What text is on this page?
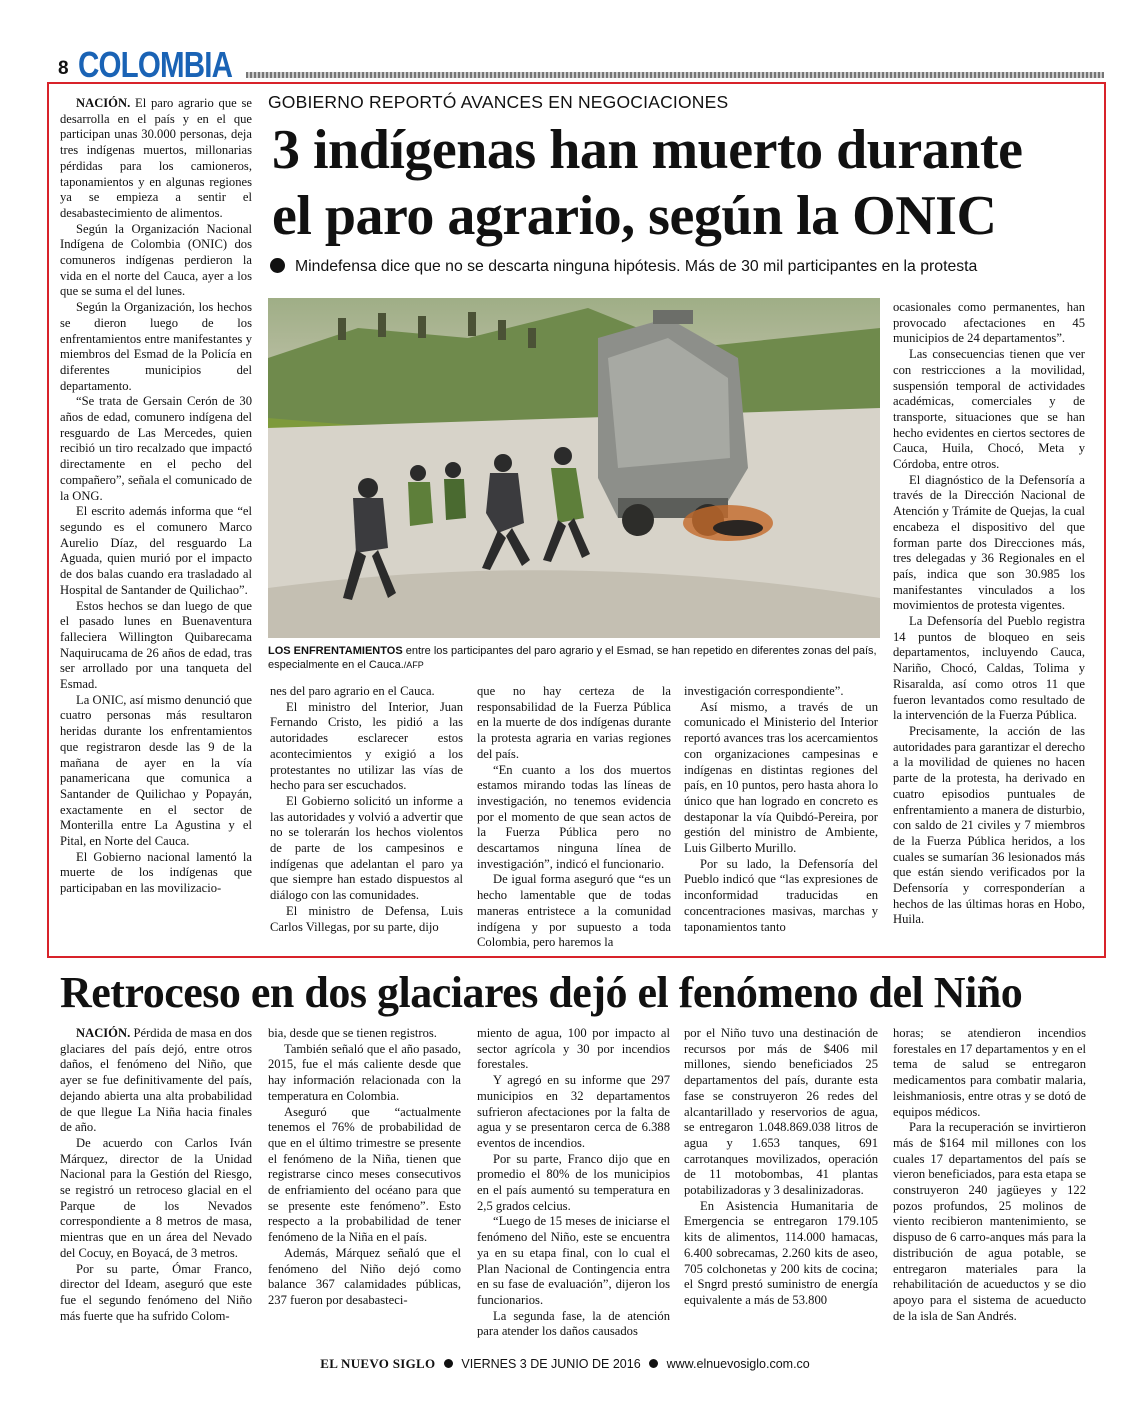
8 COLOMBIA
GOBIERNO REPORTÓ AVANCES EN NEGOCIACIONES
3 indígenas han muerto durante
el paro agrario, según la ONIC
Mindefensa dice que no se descarta ninguna hipótesis. Más de 30 mil participantes en la protesta
LOS ENFRENTAMIENTOS entre los participantes del paro agrario y el Esmad, se han repetido en diferentes zonas del país, especialmente en el Cauca./AFP

NACIÓN. El paro agrario que se desarrolla en el país y en el que participan unas 30.000 personas, deja tres indígenas muertos, millonarias pérdidas para los camioneros, taponamientos y en algunas regiones ya se empieza a sentir el desabastecimiento de alimentos.

Según la Organización Nacional Indígena de Colombia (ONIC) dos comuneros indígenas perdieron la vida en el norte del Cauca, ayer a los que se suma el del lunes.

Según la Organización, los hechos se dieron luego de los enfrentamientos entre manifestantes y miembros del Esmad de la Policía en diferentes municipios del departamento.

“Se trata de Gersain Cerón de 30 años de edad, comunero indígena del resguardo de Las Mercedes, quien recibió un tiro recalzado que impactó directamente en el pecho del compañero”, señala el comunicado de la ONG.

El escrito además informa que “el segundo es el comunero Marco Aurelio Díaz, del resguardo La Aguada, quien murió por el impacto de dos balas cuando era trasladado al Hospital de Santander de Quilichao”.

Estos hechos se dan luego de que el pasado lunes en Buenaventura falleciera Willington Quibarecama Naquirucama de 26 años de edad, tras ser arrollado por una tanqueta del Esmad.

La ONIC, así mismo denunció que cuatro personas más resultaron heridas durante los enfrentamientos que registraron desde las 9 de la mañana de ayer en la vía panamericana que comunica a Santander de Quilichao y Popayán, exactamente en el sector de Monterilla entre La Agustina y el Pital, en Norte del Cauca.

El Gobierno nacional lamentó la muerte de los indígenas que participaban en las movilizacio-

nes del paro agrario en el Cauca.

El ministro del Interior, Juan Fernando Cristo, les pidió a las autoridades esclarecer estos acontecimientos y exigió a los protestantes no utilizar las vías de hecho para ser escuchados.

El Gobierno solicitó un informe a las autoridades y volvió a advertir que no se tolerarán los hechos violentos de parte de los campesinos e indígenas que adelantan el paro ya que siempre han estado dispuestos al diálogo con las comunidades.

El ministro de Defensa, Luis Carlos Villegas, por su parte, dijo

que no hay certeza de la responsabilidad de la Fuerza Pública en la muerte de dos indígenas durante la protesta agraria en varias regiones del país.

“En cuanto a los dos muertos estamos mirando todas las líneas de investigación, no tenemos evidencia por el momento de que sean actos de la Fuerza Pública pero no descartamos ninguna línea de investigación”, indicó el funcionario.

De igual forma aseguró que “es un hecho lamentable que de todas maneras entristece a la comunidad indígena y por supuesto a toda Colombia, pero haremos la

investigación correspondiente”.

Así mismo, a través de un comunicado el Ministerio del Interior reportó avances tras los acercamientos con organizaciones campesinas e indígenas en distintas regiones del país, en 10 puntos, pero hasta ahora lo único que han logrado en concreto es destaponar la vía Quibdó-Pereira, por gestión del ministro de Ambiente, Luis Gilberto Murillo.

Por su lado, la Defensoría del Pueblo indicó que “las expresiones de inconformidad traducidas en concentraciones masivas, marchas y taponamientos tanto

ocasionales como permanentes, han provocado afectaciones en 45 municipios de 24 departamentos”.

Las consecuencias tienen que ver con restricciones a la movilidad, suspensión temporal de actividades académicas, comerciales y de transporte, situaciones que se han hecho evidentes en ciertos sectores de Cauca, Huila, Chocó, Meta y Córdoba, entre otros.

El diagnóstico de la Defensoría a través de la Dirección Nacional de Atención y Trámite de Quejas, la cual encabeza el dispositivo del que forman parte dos Direcciones más, tres delegadas y 36 Regionales en el país, indica que son 30.985 los manifestantes vinculados a los movimientos de protesta vigentes.

La Defensoría del Pueblo registra 14 puntos de bloqueo en seis departamentos, incluyendo Cauca, Nariño, Chocó, Caldas, Tolima y Risaralda, así como otros 11 que fueron levantados como resultado de la intervención de la Fuerza Pública.

Precisamente, la acción de las autoridades para garantizar el derecho a la movilidad de quienes no hacen parte de la protesta, ha derivado en cuatro episodios puntuales de enfrentamiento a manera de disturbio, con saldo de 21 civiles y 7 miembros de la Fuerza Pública heridos, a los cuales se sumarían 36 lesionados más que están siendo verificados por la Defensoría y corresponderían a hechos de las últimas horas en Hobo, Huila.

Retroceso en dos glaciares dejó el fenómeno del Niño

NACIÓN. Pérdida de masa en dos glaciares del país dejó, entre otros daños, el fenómeno del Niño, que ayer se fue definitivamente del país, dejando abierta una alta probabilidad de que llegue La Niña hacia finales de año.

De acuerdo con Carlos Iván Márquez, director de la Unidad Nacional para la Gestión del Riesgo, se registró un retroceso glacial en el Parque de los Nevados correspondiente a 8 metros de masa, mientras que en un área del Nevado del Cocuy, en Boyacá, de 3 metros.

Por su parte, Ómar Franco, director del Ideam, aseguró que este fue el segundo fenómeno del Niño más fuerte que ha sufrido Colom-

bia, desde que se tienen registros.

También señaló que el año pasado, 2015, fue el más caliente desde que hay información relacionada con la temperatura en Colombia.

Aseguró que “actualmente tenemos el 76% de probabilidad de que en el último trimestre se presente el fenómeno de la Niña, tienen que registrarse cinco meses consecutivos de enfriamiento del océano para que se presente este fenómeno”. Esto respecto a la probabilidad de tener fenómeno de la Niña en el país.

Además, Márquez señaló que el fenómeno del Niño dejó como balance 367 calamidades públicas, 237 fueron por desabasteci-

miento de agua, 100 por impacto al sector agrícola y 30 por incendios forestales.

Y agregó en su informe que 297 municipios en 32 departamentos sufrieron afectaciones por la falta de agua y se presentaron cerca de 6.388 eventos de incendios.

Por su parte, Franco dijo que en promedio el 80% de los municipios en el país aumentó su temperatura en 2,5 grados celcius.

“Luego de 15 meses de iniciarse el fenómeno del Niño, este se encuentra ya en su etapa final, con lo cual el Plan Nacional de Contingencia entra en su fase de evaluación”, dijeron los funcionarios.

La segunda fase, la de atención para atender los daños causados

por el Niño tuvo una destinación de recursos por más de $406 mil millones, siendo beneficiados 25 departamentos del país, durante esta fase se construyeron 26 redes del alcantarillado y reservorios de agua, se entregaron 1.048.869.038 litros de agua y 1.653 tanques, 691 carrotanques movilizados, operación de 11 motobombas, 41 plantas potabilizadoras y 3 desalinizadoras.

En Asistencia Humanitaria de Emergencia se entregaron 179.105 kits de alimentos, 114.000 hamacas, 6.400 sobrecamas, 2.260 kits de aseo, 705 colchonetas y 200 kits de cocina; el Sngrd prestó suministro de energía equivalente a más de 53.800

horas; se atendieron incendios forestales en 17 departamentos y en el tema de salud se entregaron medicamentos para combatir malaria, leishmaniosis, entre otras y se dotó de equipos médicos.

Para la recuperación se invirtieron más de $164 mil millones con los cuales 17 departamentos del país se vieron beneficiados, para esta etapa se construyeron 240 jagüeyes y 122 pozos profundos, 25 molinos de viento recibieron mantenimiento, se dispuso de 6 carro-anques más para la distribución de agua potable, se entregaron materiales para la rehabilitación de acueductos y se dio apoyo para el sistema de acueducto de la isla de San Andrés.

EL NUEVO SIGLO VIERNES 3 DE JUNIO DE 2016 www.elnuevosiglo.com.co
